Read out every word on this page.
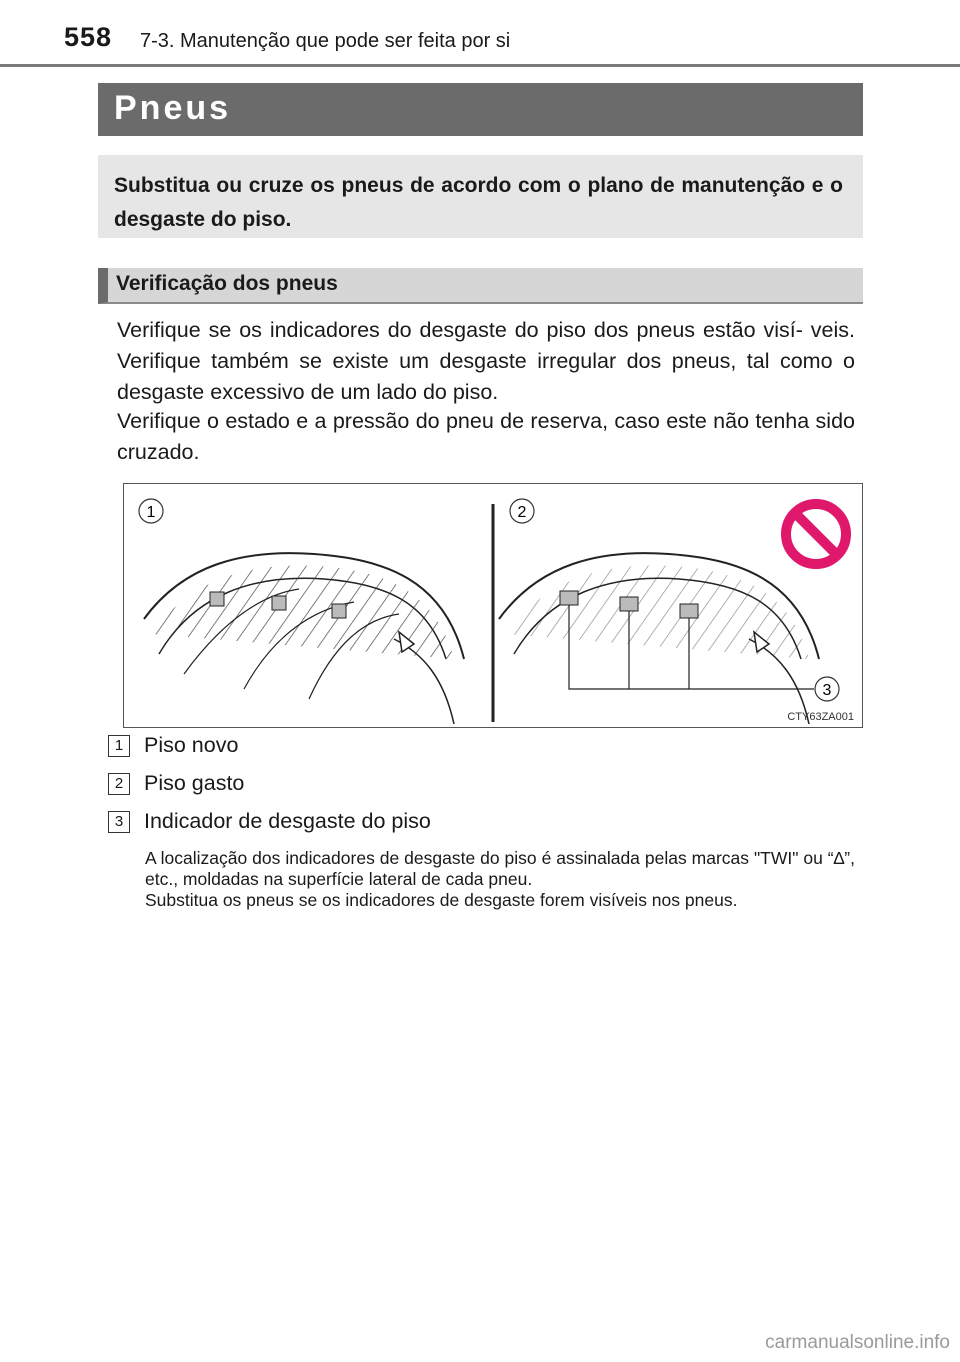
558 7-3. Manutenção que pode ser feita por si
Pneus
Substitua ou cruze os pneus de acordo com o plano de manutenção e o desgaste do piso.
Verificação dos pneus

Verifique se os indicadores do desgaste do piso dos pneus estão visí- veis. Verifique também se existe um desgaste irregular dos pneus, tal como o desgaste excessivo de um lado do piso.

Verifique o estado e a pressão do pneu de reserva, caso este não tenha sido cruzado.

1	2
3
CTY63ZA001
1 Piso novo
2 Piso gasto
3 Indicador de desgaste do piso

A localização dos indicadores de desgaste do piso é assinalada pelas marcas "TWI" ou “∆”, etc., moldadas na superfície lateral de cada pneu.

Substitua os pneus se os indicadores de desgaste forem visíveis nos pneus.

carmanualsonline.info
